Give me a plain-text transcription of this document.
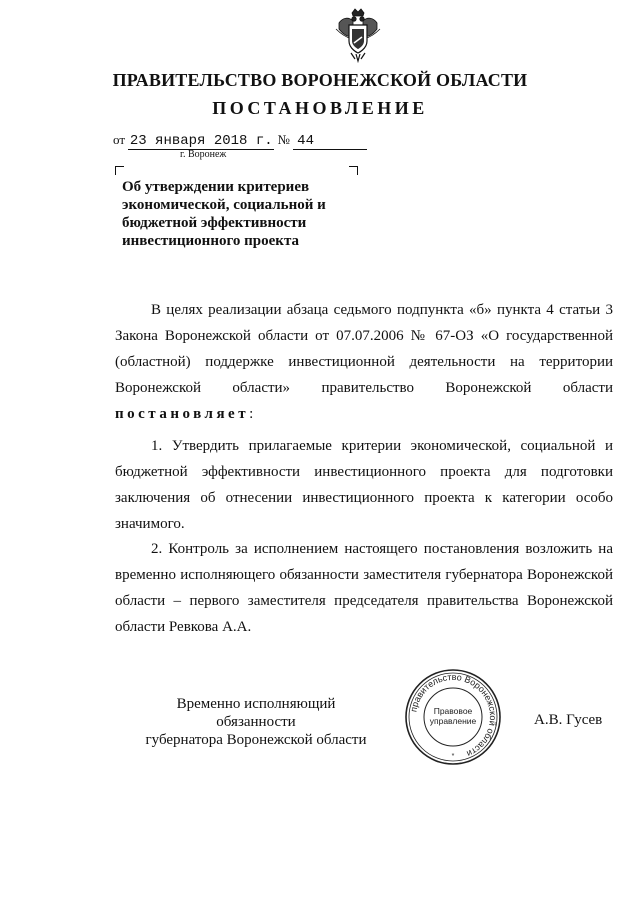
ПРАВИТЕЛЬСТВО ВОРОНЕЖСКОЙ ОБЛАСТИ
ПОСТАНОВЛЕНИЕ
от 23 января 2018 г. № 44
г. Воронеж
Об утверждении критериев экономической, социальной и бюджетной эффективности инвестиционного проекта
В целях реализации абзаца седьмого подпункта «б» пункта 4 статьи 3 Закона Воронежской области от 07.07.2006 № 67-ОЗ «О государственной (областной) поддержке инвестиционной деятельности на территории Воронежской области» правительство Воронежской области постановляет:
1. Утвердить прилагаемые критерии экономической, социальной и бюджетной эффективности инвестиционного проекта для подготовки заключения об отнесении инвестиционного проекта к категории особо значимого.
2. Контроль за исполнением настоящего постановления возложить на временно исполняющего обязанности заместителя губернатора Воронежской области – первого заместителя председателя правительства Воронежской области Ревкова А.А.
Временно исполняющий обязанности
губернатора Воронежской области
правительство Воронежской области
Правовое
управление
*
А.В. Гусев
